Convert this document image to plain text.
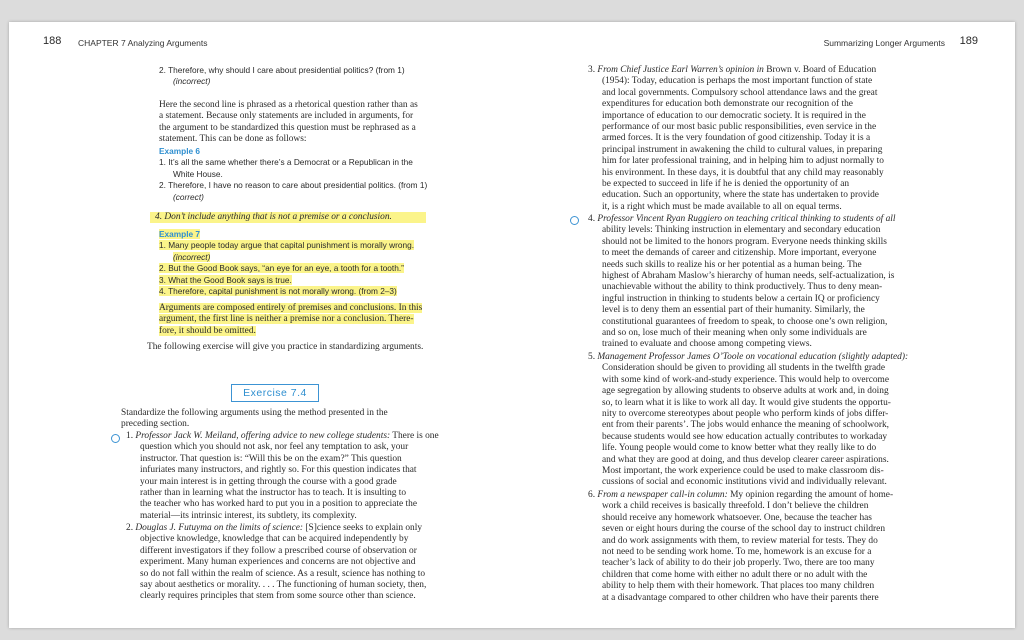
188 CHAPTER 7 Analyzing Arguments
2. Therefore, why should I care about presidential politics? (from 1)
(incorrect)
Here the second line is phrased as a rhetorical question rather than as
a statement. Because only statements are included in arguments, for
the argument to be standardized this question must be rephrased as a
statement. This can be done as follows:
Example 6
1. It’s all the same whether there’s a Democrat or a Republican in the
White House.
2. Therefore, I have no reason to care about presidential politics. (from 1)
(correct)
4. Don’t include anything that is not a premise or a conclusion.
Example 7
1. Many people today argue that capital punishment is morally wrong.
(incorrect)
2. But the Good Book says, “an eye for an eye, a tooth for a tooth.”
3. What the Good Book says is true.
4. Therefore, capital punishment is not morally wrong. (from 2–3)
Arguments are composed entirely of premises and conclusions. In this
argument, the first line is neither a premise nor a conclusion. There-
fore, it should be omitted.
The following exercise will give you practice in standardizing arguments.
Exercise 7.4
Standardize the following arguments using the method presented in the
preceding section.
1. Professor Jack W. Meiland, offering advice to new college students: There is one
question which you should not ask, nor feel any temptation to ask, your
instructor. That question is: “Will this be on the exam?” This question
infuriates many instructors, and rightly so. For this question indicates that
your main interest is in getting through the course with a good grade
rather than in learning what the instructor has to teach. It is insulting to
the teacher who has worked hard to put you in a position to appreciate the
material—its intrinsic interest, its subtlety, its complexity.
2. Douglas J. Futuyma on the limits of science: [S]cience seeks to explain only
objective knowledge, knowledge that can be acquired independently by
different investigators if they follow a prescribed course of observation or
experiment. Many human experiences and concerns are not objective and
so do not fall within the realm of science. As a result, science has nothing to
say about aesthetics or morality. . . . The functioning of human society, then,
clearly requires principles that stem from some source other than science.
Summarizing Longer Arguments 189
3. From Chief Justice Earl Warren’s opinion in Brown v. Board of Education
(1954): Today, education is perhaps the most important function of state
and local governments. Compulsory school attendance laws and the great
expenditures for education both demonstrate our recognition of the
importance of education to our democratic society. It is required in the
performance of our most basic public responsibilities, even service in the
armed forces. It is the very foundation of good citizenship. Today it is a
principal instrument in awakening the child to cultural values, in preparing
him for later professional training, and in helping him to adjust normally to
his environment. In these days, it is doubtful that any child may reasonably
be expected to succeed in life if he is denied the opportunity of an
education. Such an opportunity, where the state has undertaken to provide
it, is a right which must be made available to all on equal terms.
4. Professor Vincent Ryan Ruggiero on teaching critical thinking to students of all
ability levels: Thinking instruction in elementary and secondary education
should not be limited to the honors program. Everyone needs thinking skills
to meet the demands of career and citizenship. More important, everyone
needs such skills to realize his or her potential as a human being. The
highest of Abraham Maslow’s hierarchy of human needs, self-actualization, is
unachievable without the ability to think productively. Thus to deny mean-
ingful instruction in thinking to students below a certain IQ or proficiency
level is to deny them an essential part of their humanity. Similarly, the
constitutional guarantees of freedom to speak, to choose one’s own religion,
and so on, lose much of their meaning when only some individuals are
trained to evaluate and choose among competing views.
5. Management Professor James O’Toole on vocational education (slightly adapted):
Consideration should be given to providing all students in the twelfth grade
with some kind of work-and-study experience. This would help to overcome
age segregation by allowing students to observe adults at work and, in doing
so, to learn what it is like to work all day. It would give students the opportu-
nity to overcome stereotypes about people who perform kinds of jobs differ-
ent from their parents’. The jobs would enhance the meaning of schoolwork,
because students would see how education actually contributes to workaday
life. Young people would come to know better what they really like to do
and what they are good at doing, and thus develop clearer career aspirations.
Most important, the work experience could be used to make classroom dis-
cussions of social and economic institutions vivid and individually relevant.
6. From a newspaper call-in column: My opinion regarding the amount of home-
work a child receives is basically threefold. I don’t believe the children
should receive any homework whatsoever. One, because the teacher has
seven or eight hours during the course of the school day to instruct children
and do work assignments with them, to review material for tests. They do
not need to be sending work home. To me, homework is an excuse for a
teacher’s lack of ability to do their job properly. Two, there are too many
children that come home with either no adult there or no adult with the
ability to help them with their homework. That places too many children
at a disadvantage compared to other children who have their parents there
